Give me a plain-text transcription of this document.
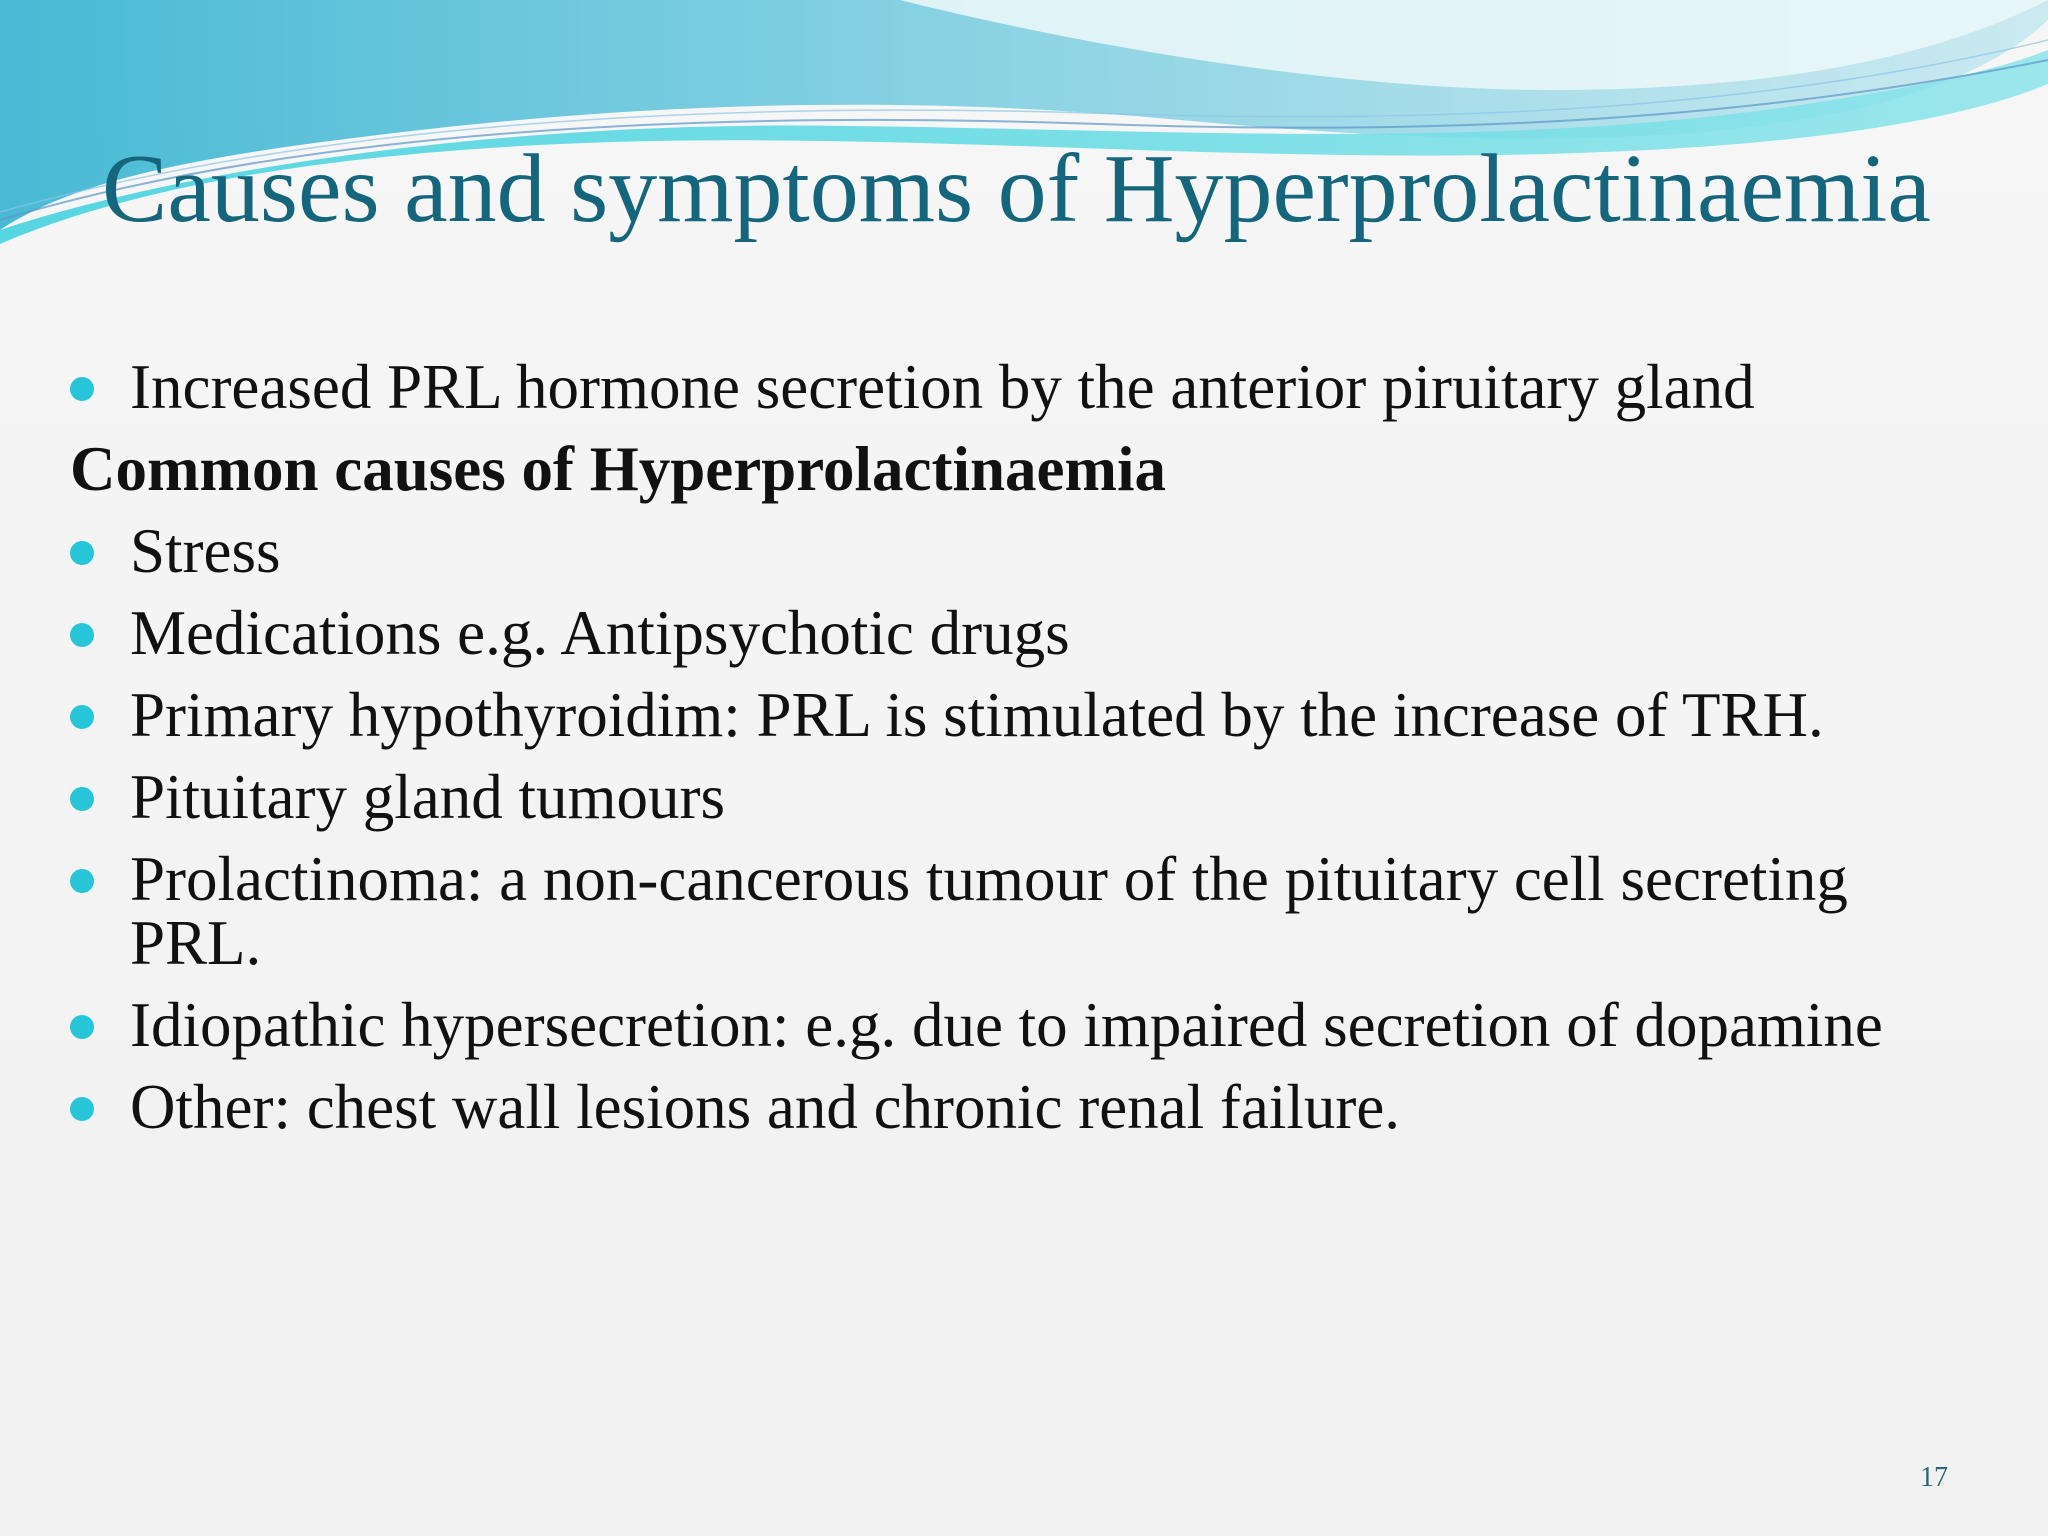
Causes and symptoms of Hyperprolactinaemia
Increased PRL hormone secretion by the anterior piruitary gland
Common causes of Hyperprolactinaemia
Stress
Medications e.g. Antipsychotic drugs
Primary hypothyroidim: PRL is stimulated by the increase of TRH.
Pituitary gland tumours
Prolactinoma: a non-cancerous tumour of the pituitary cell secreting PRL.
Idiopathic hypersecretion: e.g. due to impaired secretion of dopamine
Other: chest wall lesions and chronic renal failure.
17
